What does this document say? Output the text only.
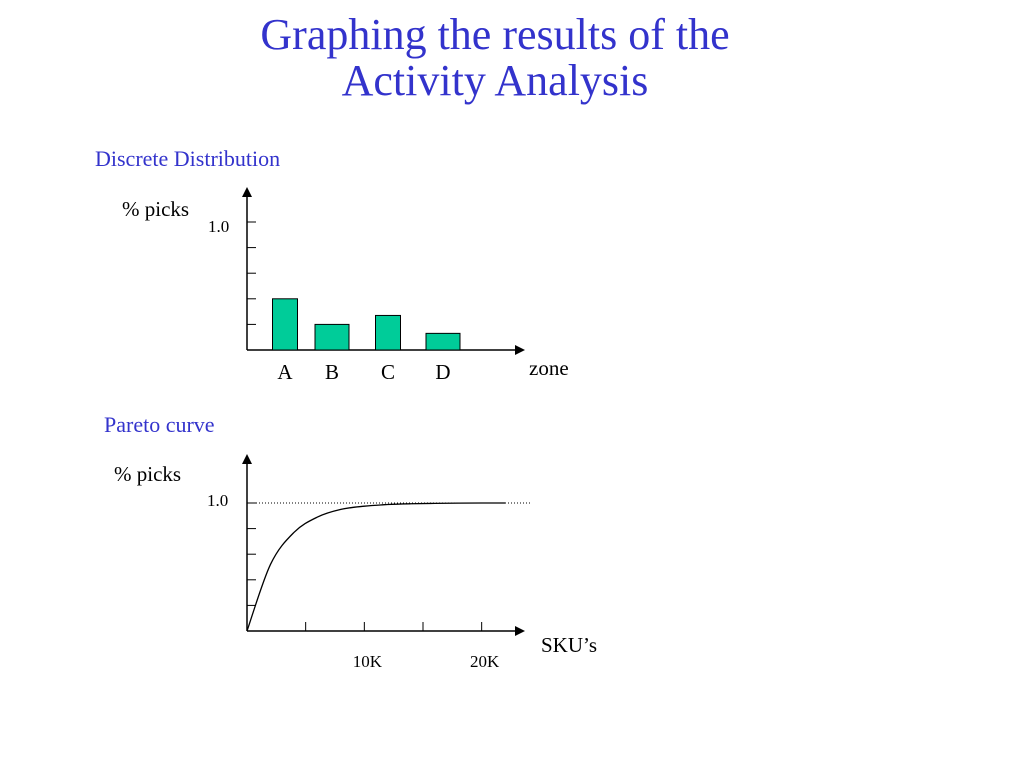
Graphing the results of the
Activity Analysis
Discrete Distribution
Pareto curve
A B C D
% picks
1.0
zone
10K	20K
% picks
1.0
SKU’s
